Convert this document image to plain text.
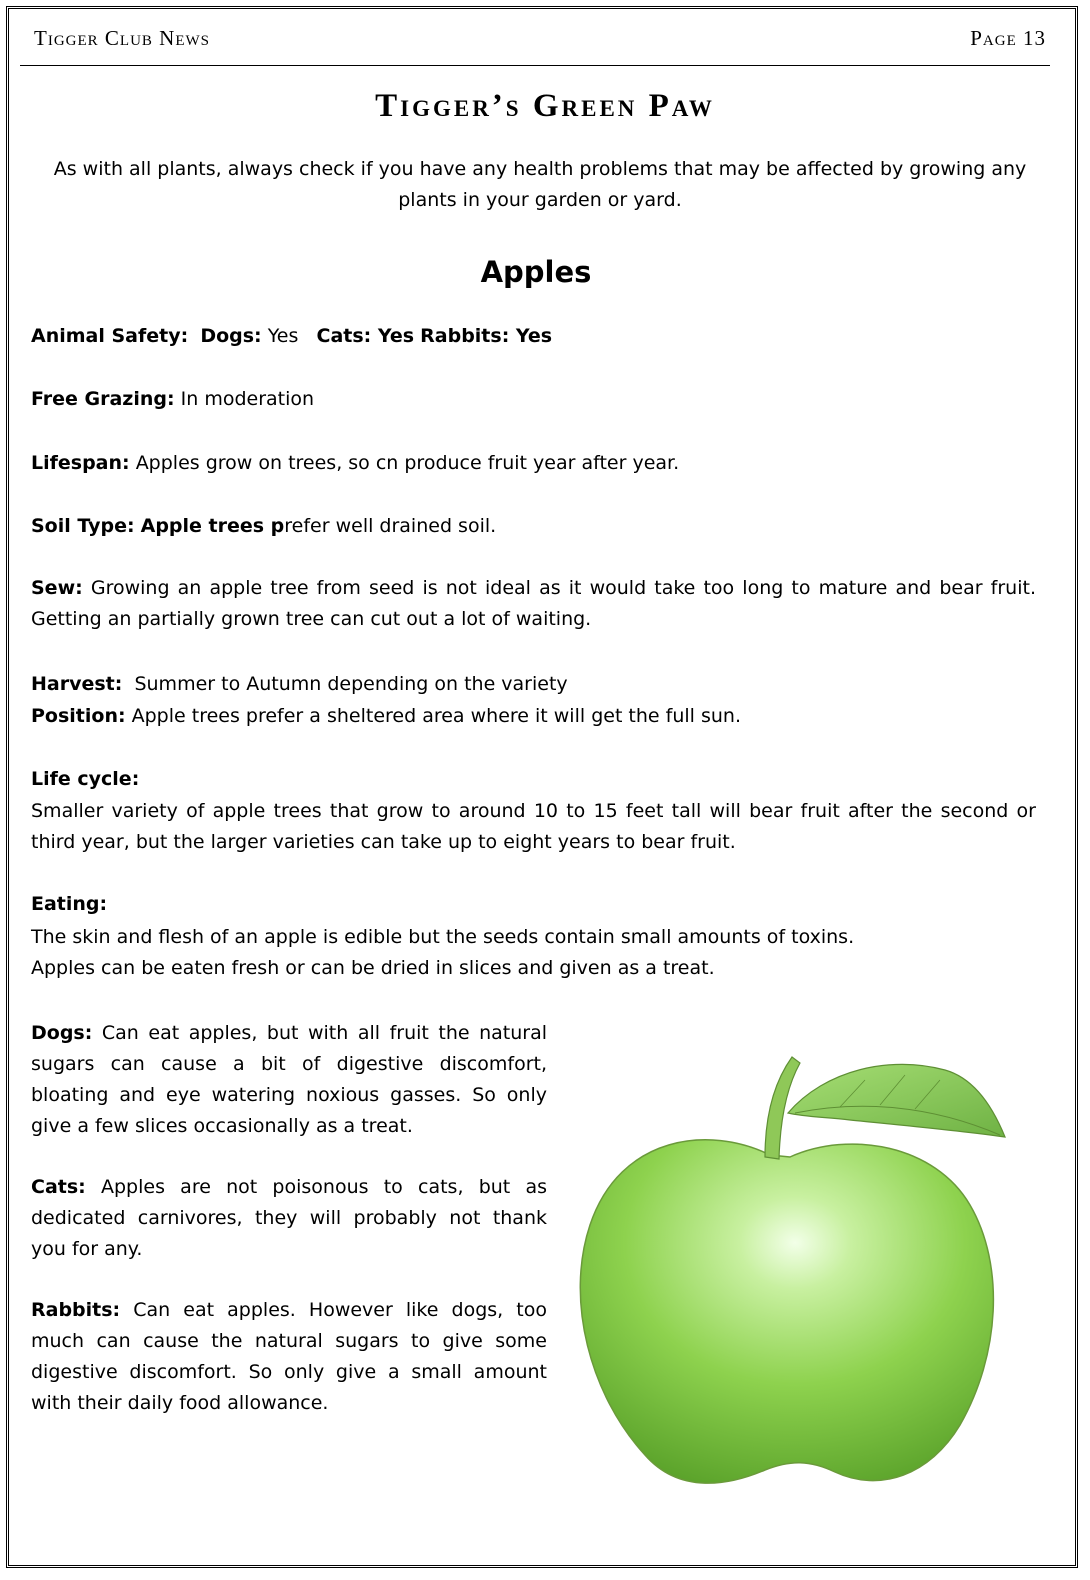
Tigger Club News	Page 13
Tigger’s Green Paw
As with all plants, always check if you have any health problems that may be affected by growing any plants in your garden or yard.
Apples

Animal Safety: Dogs: Yes Cats: Yes Rabbits: Yes

Free Grazing: In moderation

Lifespan: Apples grow on trees, so cn produce fruit year after year.

Soil Type: Apple trees prefer well drained soil.

Sew: Growing an apple tree from seed is not ideal as it would take too long to mature and bear fruit. Getting an partially grown tree can cut out a lot of waiting.

Harvest: Summer to Autumn depending on the variety

Position: Apple trees prefer a sheltered area where it will get the full sun.

Life cycle:

Smaller variety of apple trees that grow to around 10 to 15 feet tall will bear fruit after the second or third year, but the larger varieties can take up to eight years to bear fruit.

Eating:

The skin and flesh of an apple is edible but the seeds contain small amounts of toxins.

Apples can be eaten fresh or can be dried in slices and given as a treat.

Dogs: Can eat apples, but with all fruit the natural sugars can cause a bit of digestive discomfort, bloating and eye watering noxious gasses. So only give a few slices occasionally as a treat.

Cats: Apples are not poisonous to cats, but as dedicated carnivores, they will probably not thank you for any.

Rabbits: Can eat apples. However like dogs, too much can cause the natural sugars to give some digestive discomfort. So only give a small amount with their daily food allowance.
